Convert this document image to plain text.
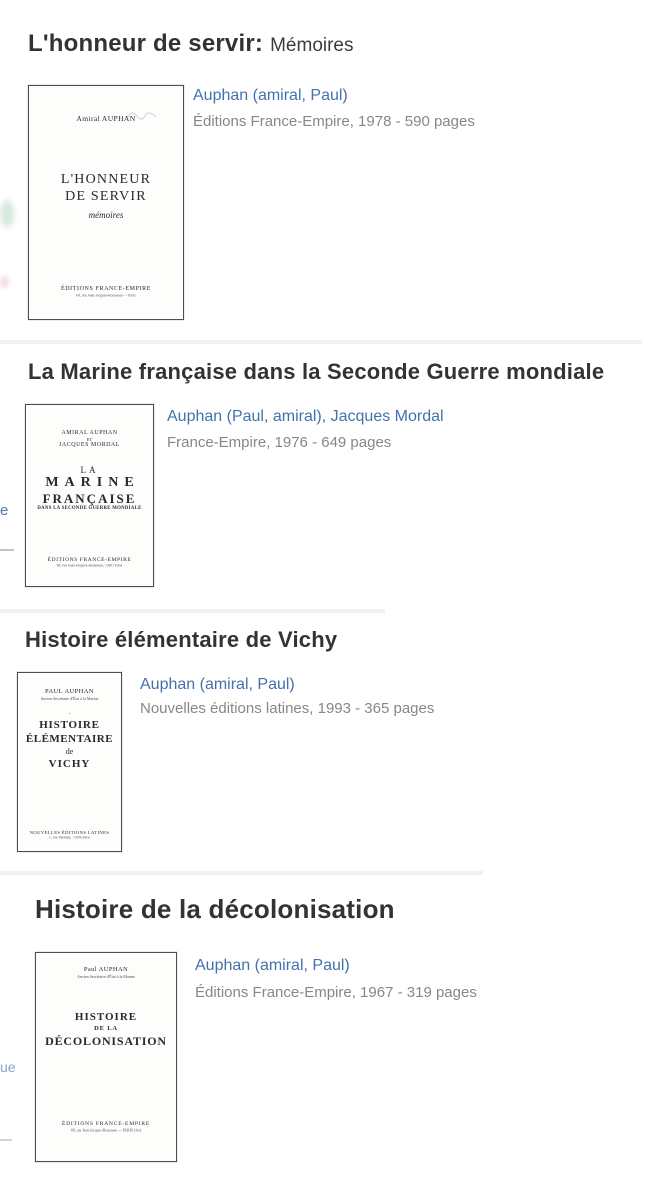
e
ue
L'honneur de servir: Mémoires
Amiral AUPHAN
L'HONNEUR
DE SERVIR
mémoires
ÉDITIONS FRANCE-EMPIRE
68, rue Jean-Jacques-Rousseau — Paris
Auphan (amiral, Paul)
Éditions France-Empire, 1978 - 590 pages
La Marine française dans la Seconde Guerre mondiale
AMIRAL AUPHAN
ET
JACQUES MORDAL
LA
MARINE
FRANÇAISE
DANS LA SECONDE GUERRE MONDIALE
ÉDITIONS FRANCE-EMPIRE
68, rue Jean-Jacques-Rousseau, 75001 Paris
Auphan (Paul, amiral), Jacques Mordal
France-Empire, 1976 - 649 pages
Histoire élémentaire de Vichy
PAUL AUPHAN
Ancien Secrétaire d'État à la Marine
·
HISTOIRE
ÉLÉMENTAIRE
de
VICHY
NOUVELLES ÉDITIONS LATINES
1, rue Palatine, 75006 Paris
Auphan (amiral, Paul)
Nouvelles éditions latines, 1993 - 365 pages
Histoire de la décolonisation
Paul AUPHAN
Ancien Secrétaire d'État à la Marine
HISTOIRE
DE LA
DÉCOLONISATION
ÉDITIONS FRANCE-EMPIRE
68, rue Jean-Jacques-Rousseau — PARIS (1er)
Auphan (amiral, Paul)
Éditions France-Empire, 1967 - 319 pages
